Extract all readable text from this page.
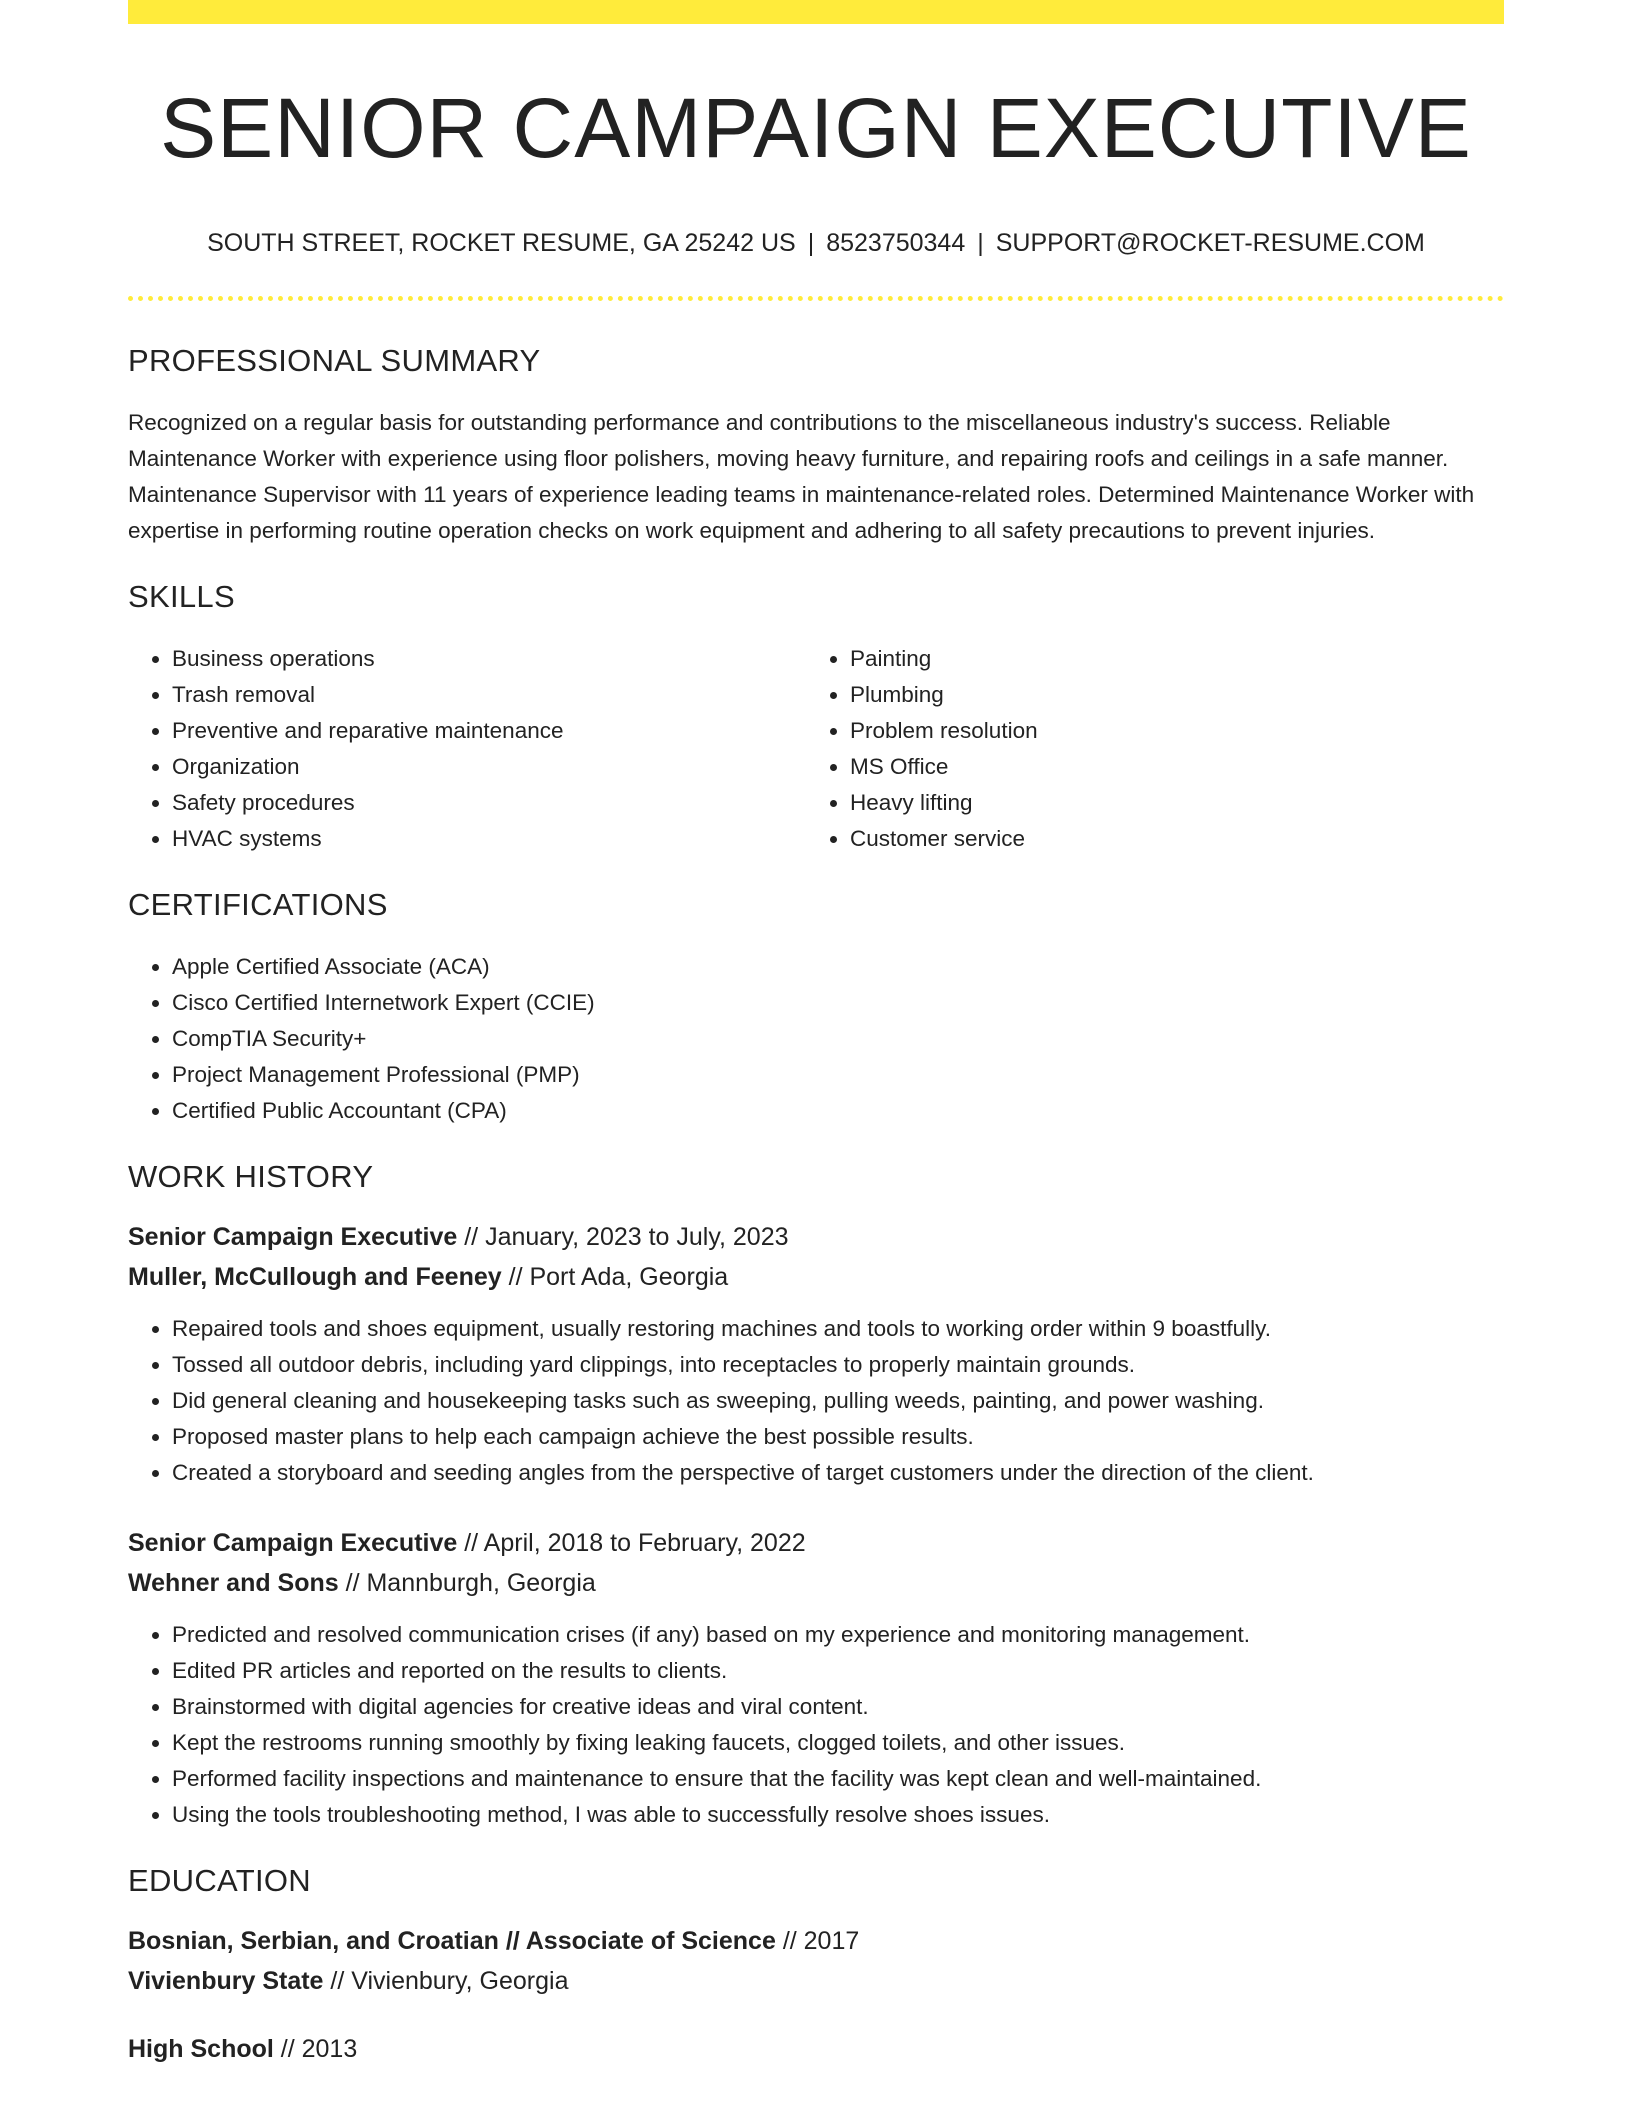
SENIOR CAMPAIGN EXECUTIVE
SOUTH STREET, ROCKET RESUME, GA 25242 US | 8523750344 | SUPPORT@ROCKET-RESUME.COM
PROFESSIONAL SUMMARY
Recognized on a regular basis for outstanding performance and contributions to the miscellaneous industry's success. Reliable Maintenance Worker with experience using floor polishers, moving heavy furniture, and repairing roofs and ceilings in a safe manner. Maintenance Supervisor with 11 years of experience leading teams in maintenance-related roles. Determined Maintenance Worker with expertise in performing routine operation checks on work equipment and adhering to all safety precautions to prevent injuries.
SKILLS
• Business operations
• Trash removal
• Preventive and reparative maintenance
• Organization
• Safety procedures
• HVAC systems
• Painting
• Plumbing
• Problem resolution
• MS Office
• Heavy lifting
• Customer service
CERTIFICATIONS
• Apple Certified Associate (ACA)
• Cisco Certified Internetwork Expert (CCIE)
• CompTIA Security+
• Project Management Professional (PMP)
• Certified Public Accountant (CPA)
WORK HISTORY
Senior Campaign Executive // January, 2023 to July, 2023
Muller, McCullough and Feeney // Port Ada, Georgia
• Repaired tools and shoes equipment, usually restoring machines and tools to working order within 9 boastfully.
• Tossed all outdoor debris, including yard clippings, into receptacles to properly maintain grounds.
• Did general cleaning and housekeeping tasks such as sweeping, pulling weeds, painting, and power washing.
• Proposed master plans to help each campaign achieve the best possible results.
• Created a storyboard and seeding angles from the perspective of target customers under the direction of the client.
Senior Campaign Executive // April, 2018 to February, 2022
Wehner and Sons // Mannburgh, Georgia
• Predicted and resolved communication crises (if any) based on my experience and monitoring management.
• Edited PR articles and reported on the results to clients.
• Brainstormed with digital agencies for creative ideas and viral content.
• Kept the restrooms running smoothly by fixing leaking faucets, clogged toilets, and other issues.
• Performed facility inspections and maintenance to ensure that the facility was kept clean and well-maintained.
• Using the tools troubleshooting method, I was able to successfully resolve shoes issues.
EDUCATION
Bosnian, Serbian, and Croatian // Associate of Science // 2017
Vivienbury State // Vivienbury, Georgia
High School // 2013
